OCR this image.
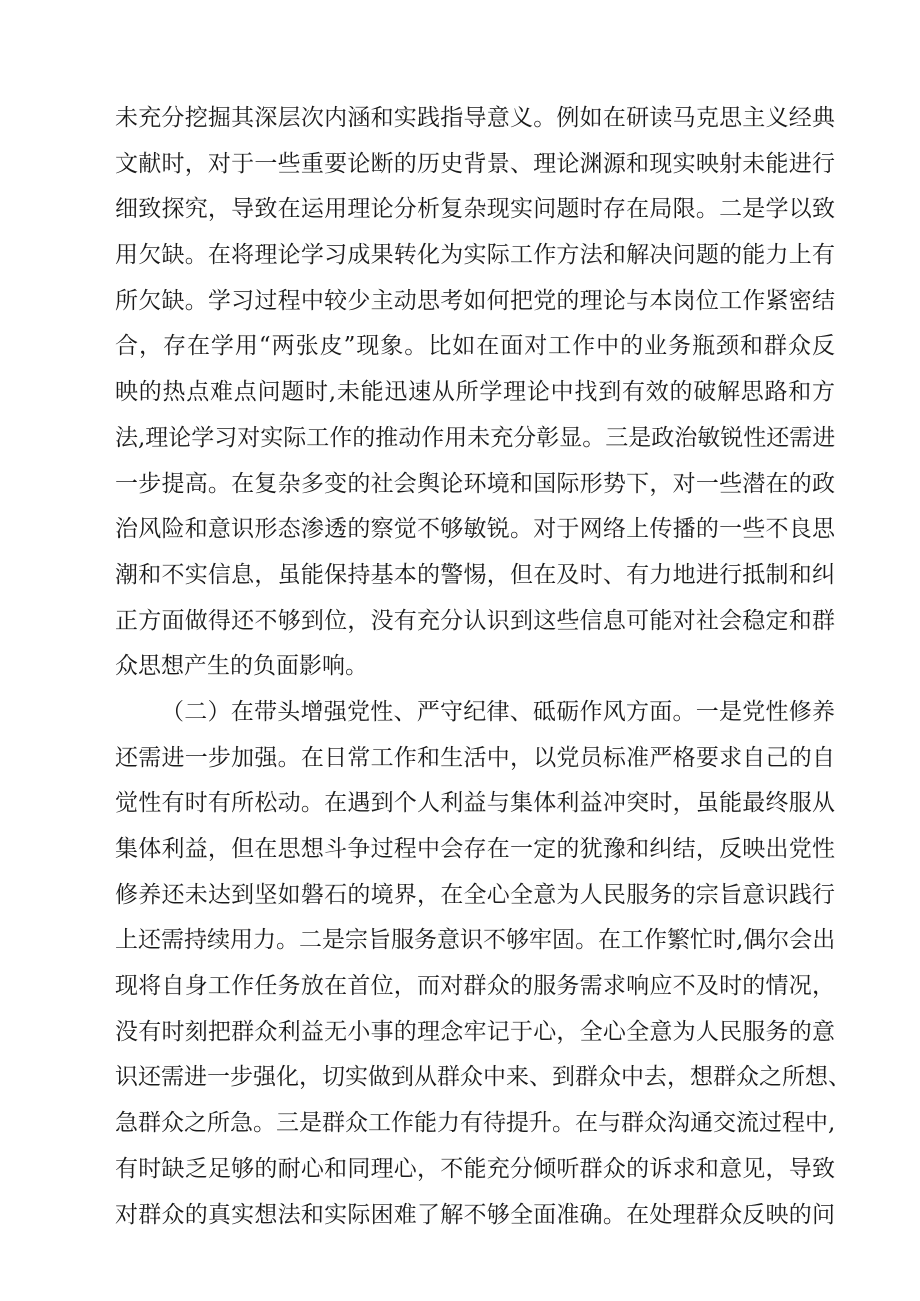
未充分挖掘其深层次内涵和实践指导意义。例如在研读马克思主义经典
文献时，对于一些重要论断的历史背景、理论渊源和现实映射未能进行
细致探究，导致在运用理论分析复杂现实问题时存在局限。二是学以致
用欠缺。在将理论学习成果转化为实际工作方法和解决问题的能力上有
所欠缺。学习过程中较少主动思考如何把党的理论与本岗位工作紧密结
合，存在学用“两张皮”现象。比如在面对工作中的业务瓶颈和群众反
映的热点难点问题时,未能迅速从所学理论中找到有效的破解思路和方
法,理论学习对实际工作的推动作用未充分彰显。三是政治敏锐性还需进
一步提高。在复杂多变的社会舆论环境和国际形势下，对一些潜在的政
治风险和意识形态渗透的察觉不够敏锐。对于网络上传播的一些不良思
潮和不实信息，虽能保持基本的警惕，但在及时、有力地进行抵制和纠
正方面做得还不够到位，没有充分认识到这些信息可能对社会稳定和群
众思想产生的负面影响。
（二）在带头增强党性、严守纪律、砥砺作风方面。一是党性修养
还需进一步加强。在日常工作和生活中，以党员标准严格要求自己的自
觉性有时有所松动。在遇到个人利益与集体利益冲突时，虽能最终服从
集体利益，但在思想斗争过程中会存在一定的犹豫和纠结，反映出党性
修养还未达到坚如磐石的境界，在全心全意为人民服务的宗旨意识践行
上还需持续用力。二是宗旨服务意识不够牢固。在工作繁忙时,偶尔会出
现将自身工作任务放在首位，而对群众的服务需求响应不及时的情况，
没有时刻把群众利益无小事的理念牢记于心，全心全意为人民服务的意
识还需进一步强化，切实做到从群众中来、到群众中去，想群众之所想、
急群众之所急。三是群众工作能力有待提升。在与群众沟通交流过程中,
有时缺乏足够的耐心和同理心，不能充分倾听群众的诉求和意见，导致
对群众的真实想法和实际困难了解不够全面准确。在处理群众反映的问
